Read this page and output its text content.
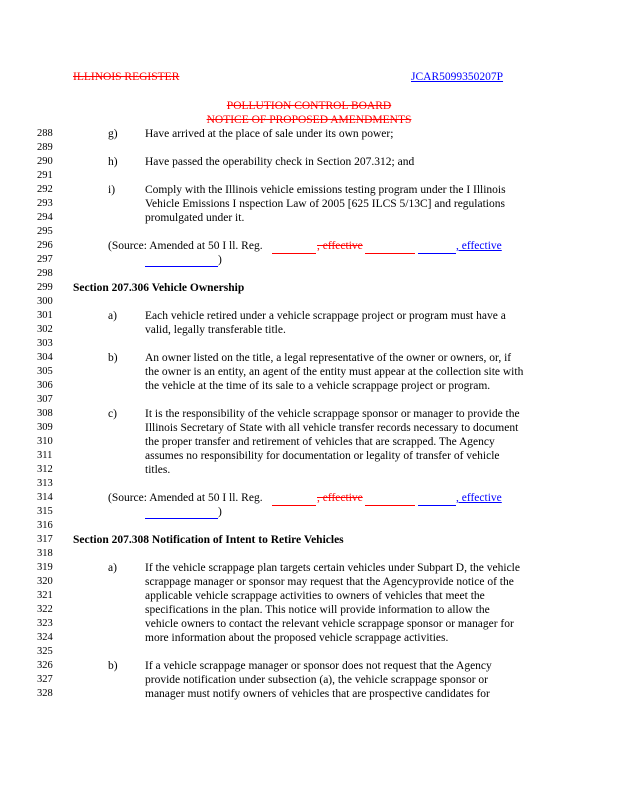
ILLINOIS REGISTER	JCAR5099350207P
POLLUTION CONTROL BOARD
NOTICE OF PROPOSED AMENDMENTS
288
289
290
291
292
293
294
295
296
297
298
299
300
301
302
303
304
305
306
307
308
309
310
311
312
313
314
315
316
317
318
319
320
321
322
323
324
325
326
327
328
g) Have arrived at the place of sale under its own power;
h) Have passed the operability check in Section 207.312; and
i)	Comply with the Illinois vehicle emissions testing program under the I Illinois
Vehicle Emissions I nspection Law of 2005 [625 ILCS 5/13C] and regulations
promulgated under it.
(Source: Amended at 50 I ll. Reg.	, effective	, effective
)
Section 207.306 Vehicle Ownership
a) Each vehicle retired under a vehicle scrappage project or program must have a
valid, legally transferable title.
b) An owner listed on the title, a legal representative of the owner or owners, or, if
the owner is an entity, an agent of the entity must appear at the collection site with
the vehicle at the time of its sale to a vehicle scrappage project or program.
c) It is the responsibility of the vehicle scrappage sponsor or manager to provide the
Illinois Secretary of State with all vehicle transfer records necessary to document
the proper transfer and retirement of vehicles that are scrapped. The Agency
assumes no responsibility for documentation or legality of transfer of vehicle
titles.
(Source: Amended at 50 I ll. Reg.	, effective	, effective
)
Section 207.308 Notification of Intent to Retire Vehicles
a) If the vehicle scrappage plan targets certain vehicles under Subpart D, the vehicle
scrappage manager or sponsor may request that the Agencyprovide notice of the
applicable vehicle scrappage activities to owners of vehicles that meet the
specifications in the plan. This notice will provide information to allow the
vehicle owners to contact the relevant vehicle scrappage sponsor or manager for
more information about the proposed vehicle scrappage activities.
b) If a vehicle scrappage manager or sponsor does not request that the Agency
provide notification under subsection (a), the vehicle scrappage sponsor or
manager must notify owners of vehicles that are prospective candidates for
